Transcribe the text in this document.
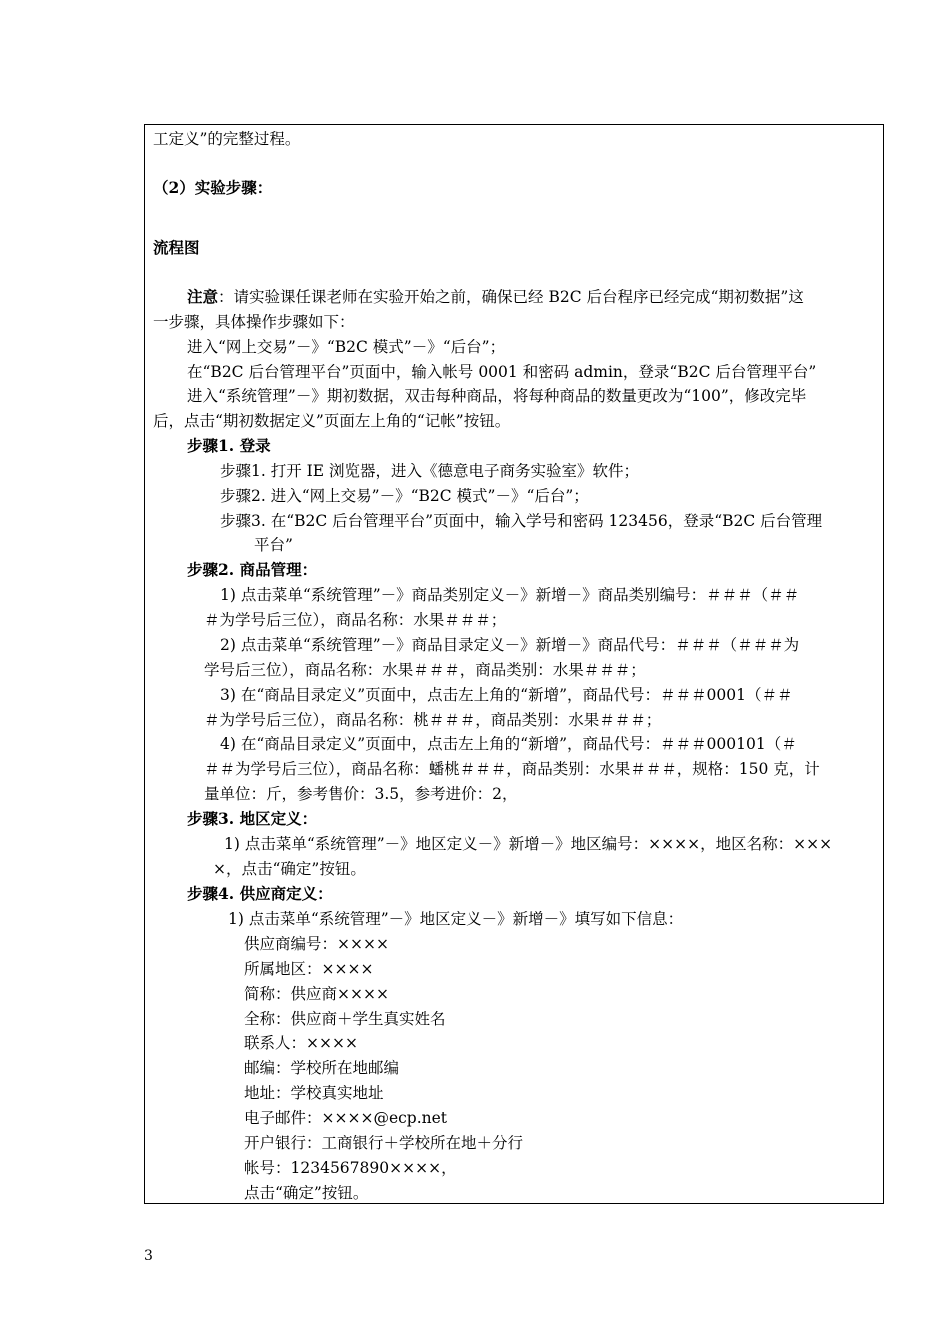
工定义”的完整过程。
（2）实验步骤：
流程图
注意：请实验课任课老师在实验开始之前，确保已经 B2C 后台程序已经完成“期初数据”这
一步骤，具体操作步骤如下：
进入“网上交易”－》“B2C 模式”－》“后台”；
在“B2C 后台管理平台”页面中，输入帐号 0001 和密码 admin，登录“B2C 后台管理平台”
进入“系统管理”－》期初数据，双击每种商品，将每种商品的数量更改为“100”，修改完毕
后，点击“期初数据定义”页面左上角的“记帐”按钮。
步骤1. 登录
步骤1. 打开 IE 浏览器，进入《德意电子商务实验室》软件；
步骤2. 进入“网上交易”－》“B2C 模式”－》“后台”；
步骤3. 在“B2C 后台管理平台”页面中，输入学号和密码 123456，登录“B2C 后台管理
平台”
步骤2. 商品管理：
1) 点击菜单“系统管理”－》商品类别定义－》新增－》商品类别编号：＃＃＃（＃＃
＃为学号后三位），商品名称：水果＃＃＃；
2) 点击菜单“系统管理”－》商品目录定义－》新增－》商品代号：＃＃＃（＃＃＃为
学号后三位），商品名称：水果＃＃＃，商品类别：水果＃＃＃；
3) 在“商品目录定义”页面中，点击左上角的“新增”，商品代号：＃＃＃0001（＃＃
＃为学号后三位），商品名称：桃＃＃＃，商品类别：水果＃＃＃；
4) 在“商品目录定义”页面中，点击左上角的“新增”，商品代号：＃＃＃000101（＃
＃＃为学号后三位），商品名称：蟠桃＃＃＃，商品类别：水果＃＃＃，规格：150 克，计
量单位：斤，参考售价：3.5，参考进价：2，
步骤3. 地区定义：
1) 点击菜单“系统管理”－》地区定义－》新增－》地区编号：××××，地区名称：×××
×，点击“确定”按钮。
步骤4. 供应商定义：
1) 点击菜单“系统管理”－》地区定义－》新增－》填写如下信息：
供应商编号：××××
所属地区：××××
简称：供应商××××
全称：供应商＋学生真实姓名
联系人：××××
邮编：学校所在地邮编
地址：学校真实地址
电子邮件：××××@ecp.net
开户银行：工商银行＋学校所在地＋分行
帐号：1234567890××××，
点击“确定”按钮。
3
